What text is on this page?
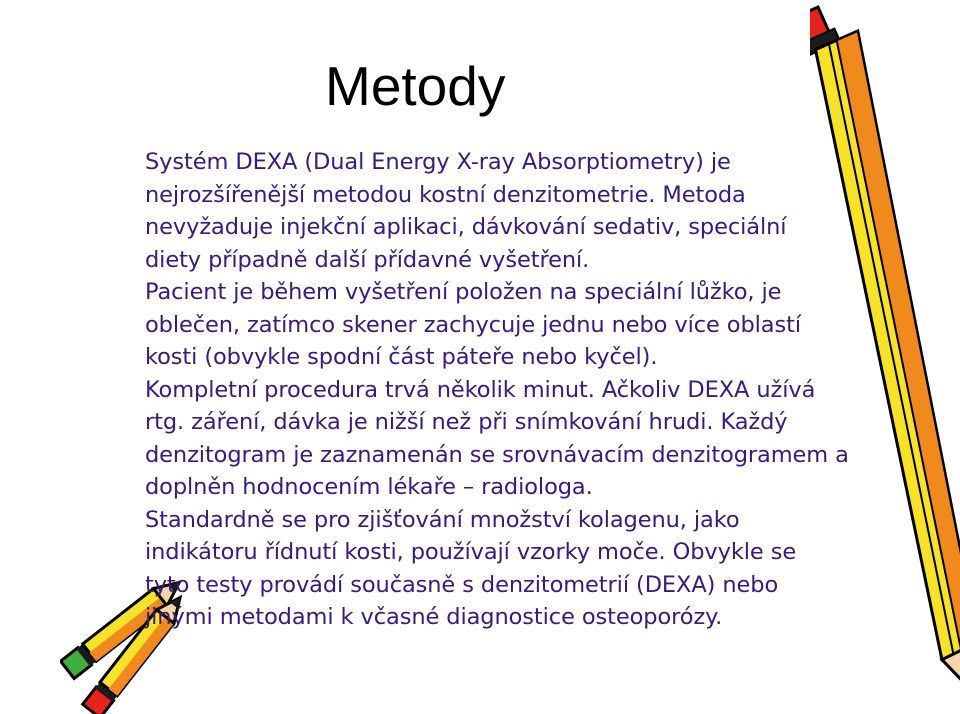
Metody
Systém DEXA (Dual Energy X-ray Absorptiometry) je
nejrozšířenější metodou kostní denzitometrie. Metoda
nevyžaduje injekční aplikaci, dávkování sedativ, speciální
diety případně další přídavné vyšetření.
Pacient je během vyšetření položen na speciální lůžko, je
oblečen, zatímco skener zachycuje jednu nebo více oblastí
kosti (obvykle spodní část páteře nebo kyčel).
Kompletní procedura trvá několik minut. Ačkoliv DEXA užívá
rtg. záření, dávka je nižší než při snímkování hrudi. Každý
denzitogram je zaznamenán se srovnávacím denzitogramem a
doplněn hodnocením lékaře – radiologa.
Standardně se pro zjišťování množství kolagenu, jako
indikátoru řídnutí kosti, používají vzorky moče. Obvykle se
tyto testy provádí současně s denzitometrií (DEXA) nebo
jinými metodami k včasné diagnostice osteoporózy.
